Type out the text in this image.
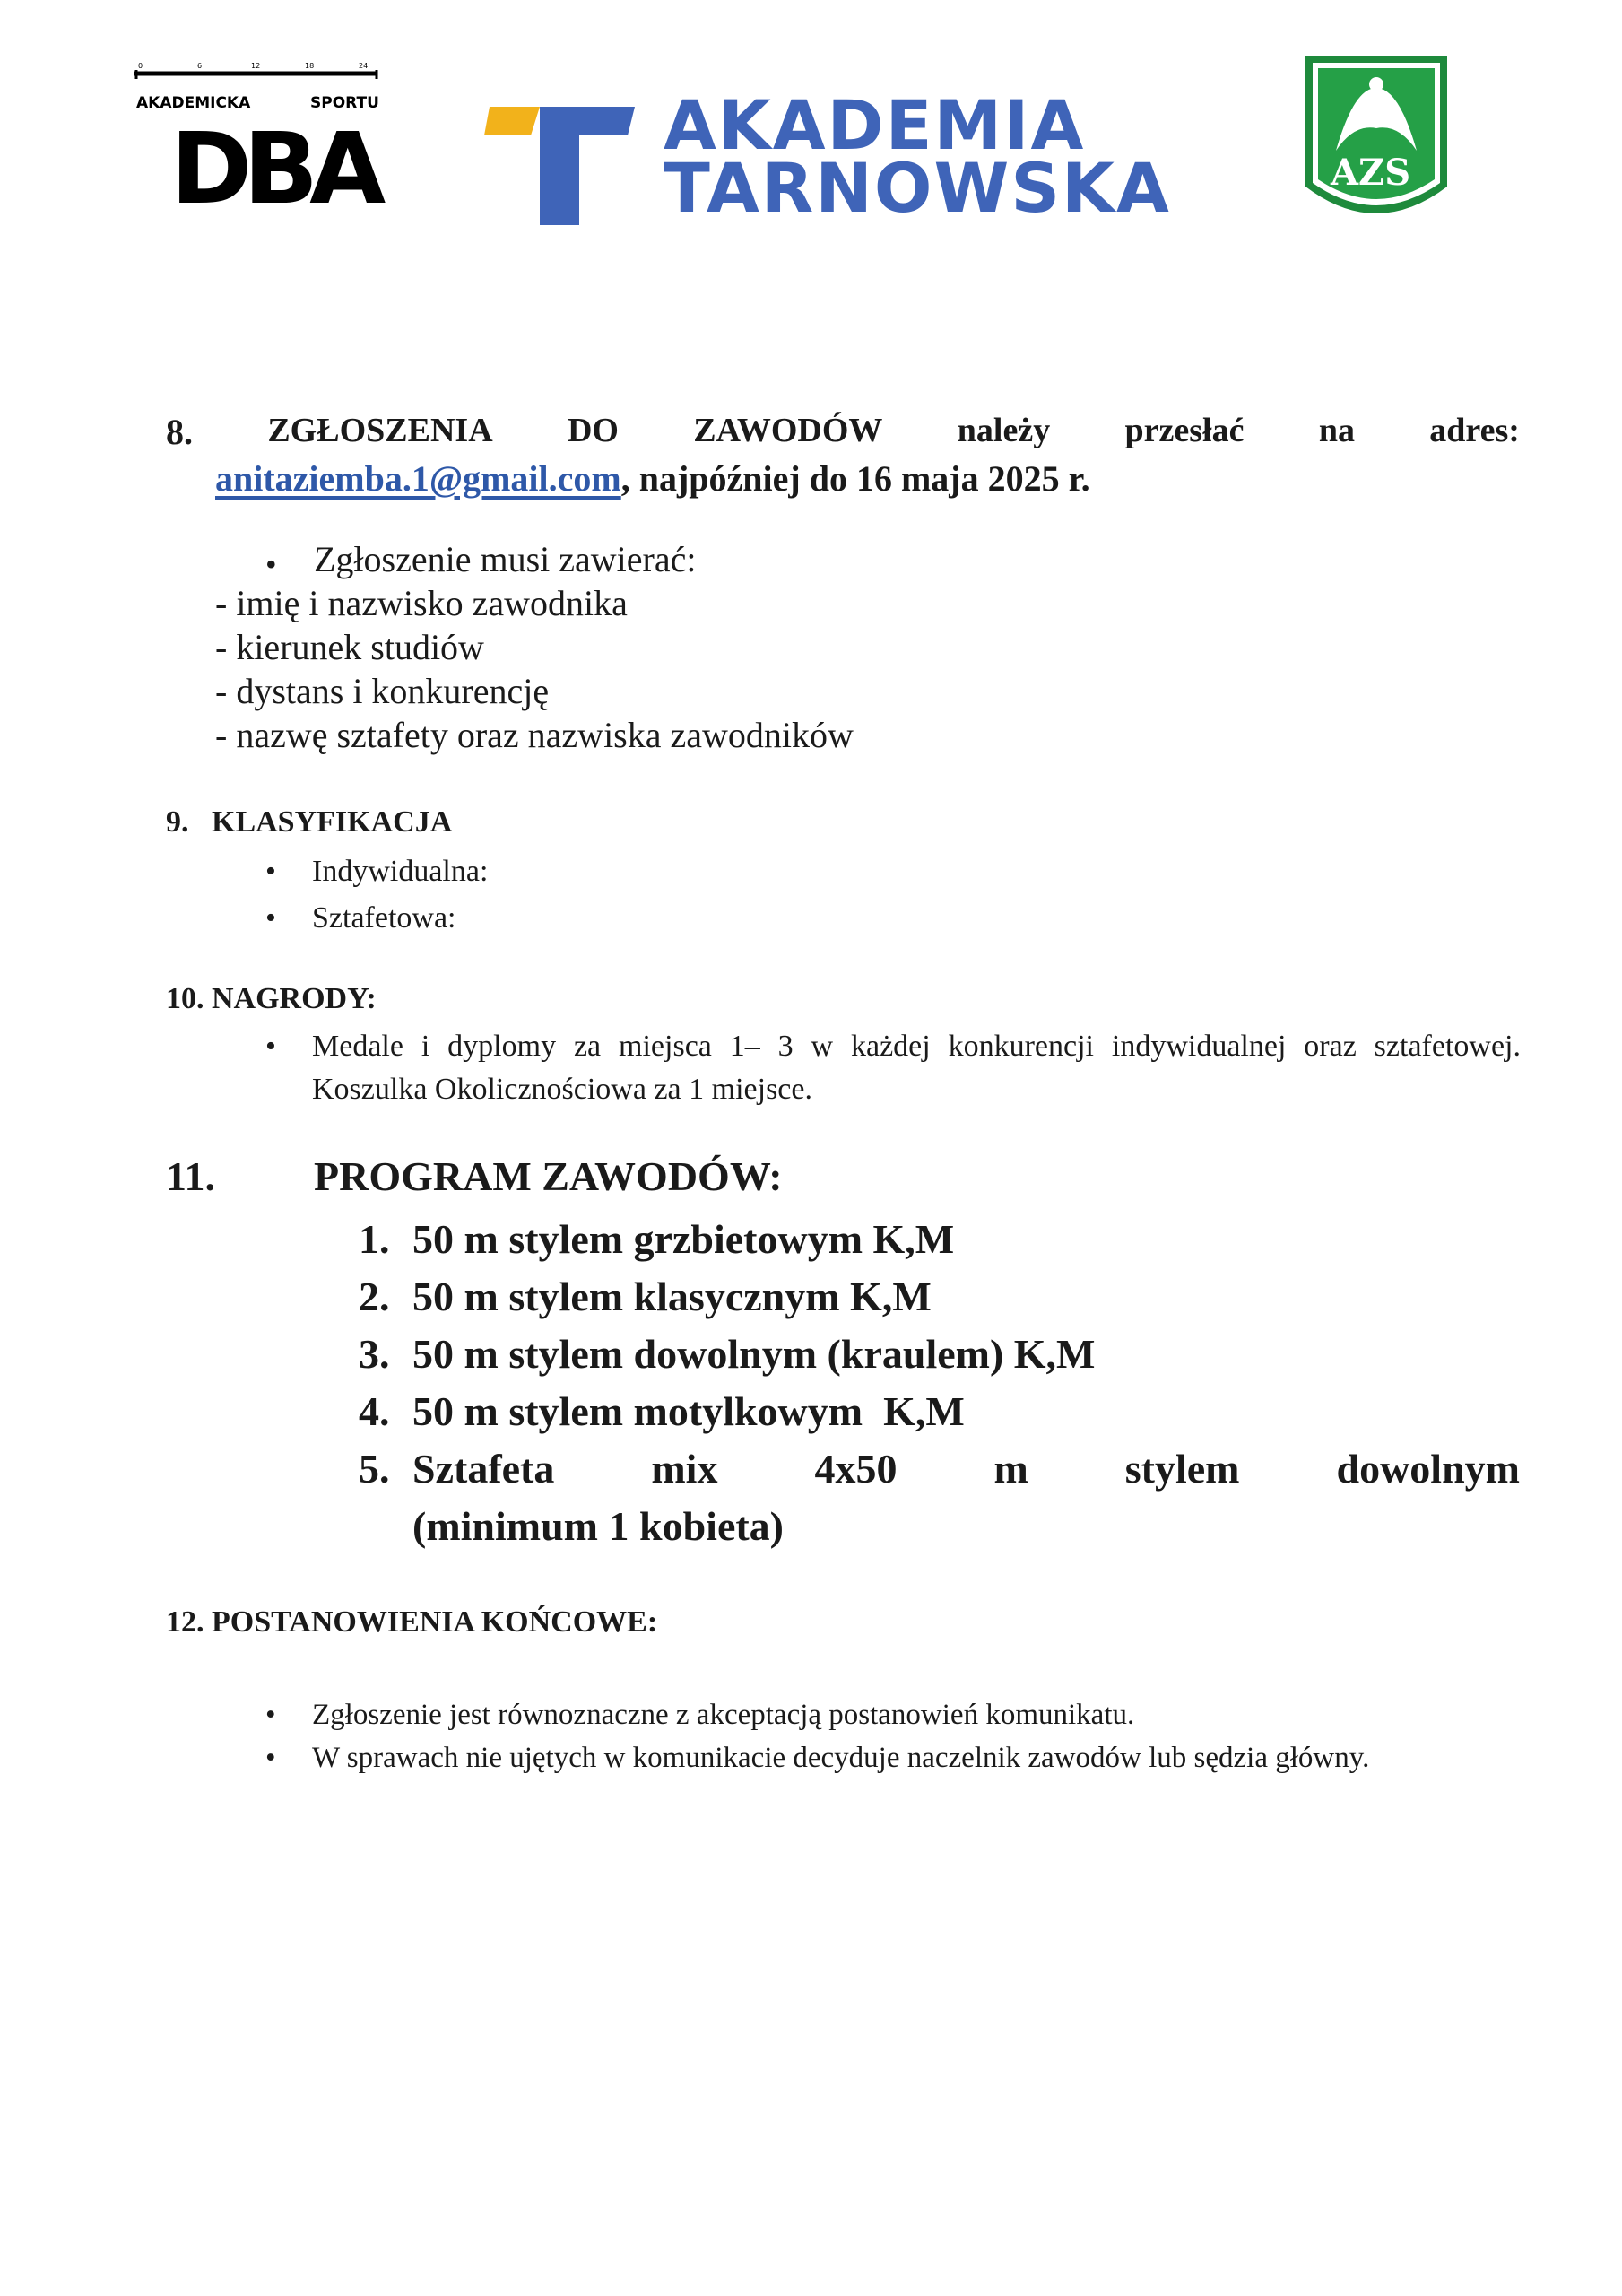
0	6	12	18	24
AKADEMICKA	SPORTU
DBA	AKADEMIA
TARNOWSKA	AZS
8. ZGŁOSZENIA DO ZAWODÓW należy przesłać na adres:
anitaziemba.1@gmail.com, najpóźniej do 16 maja 2025 r.
• Zgłoszenie musi zawierać:
- imię i nazwisko zawodnika
- kierunek studiów
- dystans i konkurencję
- nazwę sztafety oraz nazwiska zawodników
9.   KLASYFIKACJA
• Indywidualna:
• Sztafetowa:
10. NAGRODY:
• Medale i dyplomy za miejsca 1– 3 w każdej konkurencji indywidualnej oraz sztafetowej. Koszulka Okolicznościowa za 1 miejsce.
11. PROGRAM ZAWODÓW:
1. 50 m stylem grzbietowym K,M
2. 50 m stylem klasycznym K,M
3. 50 m stylem dowolnym (kraulem) K,M
4. 50 m stylem motylkowym  K,M
5. Sztafeta mix 4x50 m stylem dowolnym
(minimum 1 kobieta)
12. POSTANOWIENIA KOŃCOWE:
• Zgłoszenie jest równoznaczne z akceptacją postanowień komunikatu.
• W sprawach nie ujętych w komunikacie decyduje naczelnik zawodów lub sędzia główny.
